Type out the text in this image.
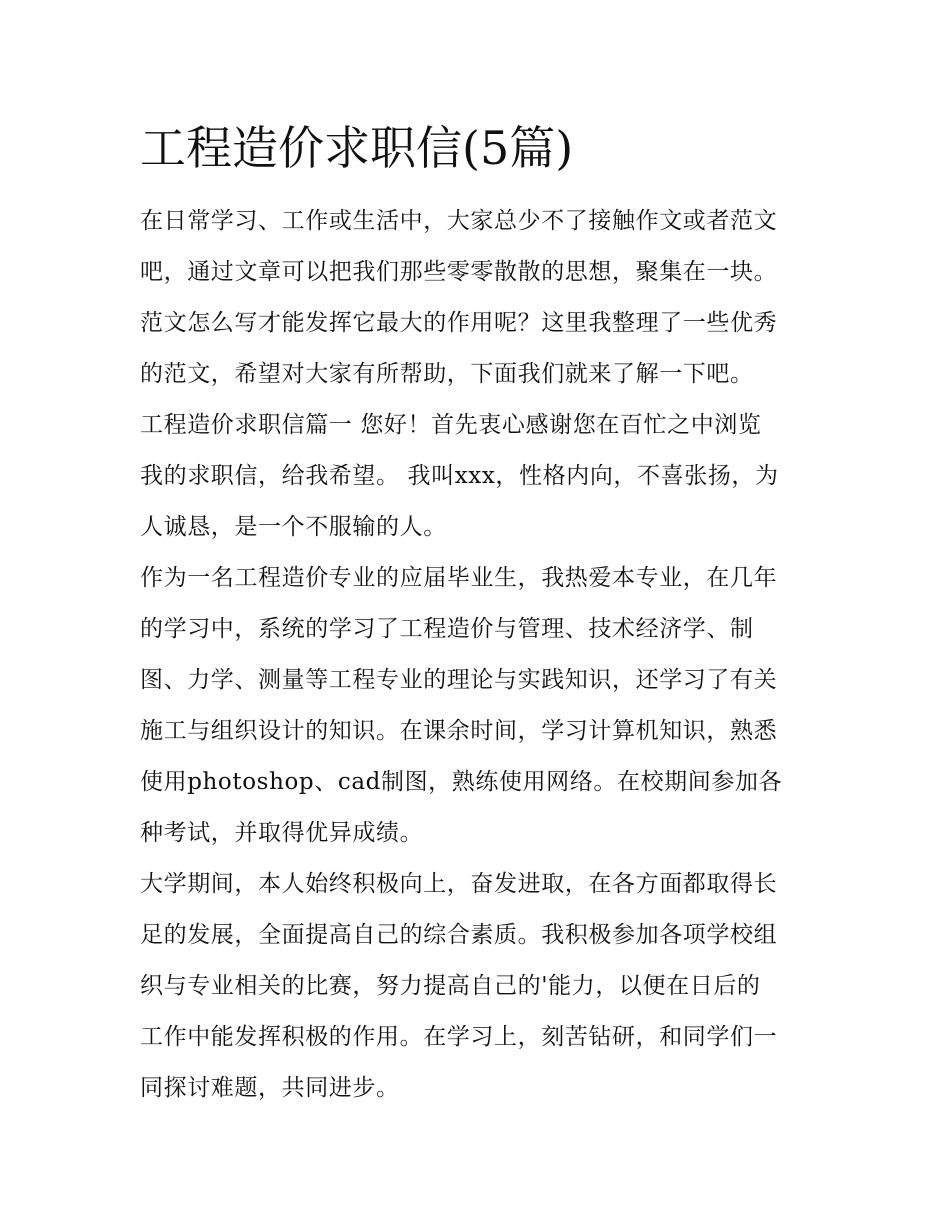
工程造价求职信(5篇)

在日常学习、工作或生活中，大家总少不了接触作文或者范文
吧，通过文章可以把我们那些零零散散的思想，聚集在一块。
范文怎么写才能发挥它最大的作用呢？这里我整理了一些优秀
的范文，希望对大家有所帮助，下面我们就来了解一下吧。

工程造价求职信篇一 您好！首先衷心感谢您在百忙之中浏览
我的求职信，给我希望。 我叫xxx，性格内向，不喜张扬，为
人诚恳，是一个不服输的人。

作为一名工程造价专业的应届毕业生，我热爱本专业，在几年
的学习中，系统的学习了工程造价与管理、技术经济学、制
图、力学、测量等工程专业的理论与实践知识，还学习了有关
施工与组织设计的知识。在课余时间，学习计算机知识，熟悉
使用photoshop、cad制图，熟练使用网络。在校期间参加各
种考试，并取得优异成绩。

大学期间，本人始终积极向上，奋发进取，在各方面都取得长
足的发展，全面提高自己的综合素质。我积极参加各项学校组
织与专业相关的比赛，努力提高自己的'能力，以便在日后的
工作中能发挥积极的作用。在学习上，刻苦钻研，和同学们一
同探讨难题，共同进步。
